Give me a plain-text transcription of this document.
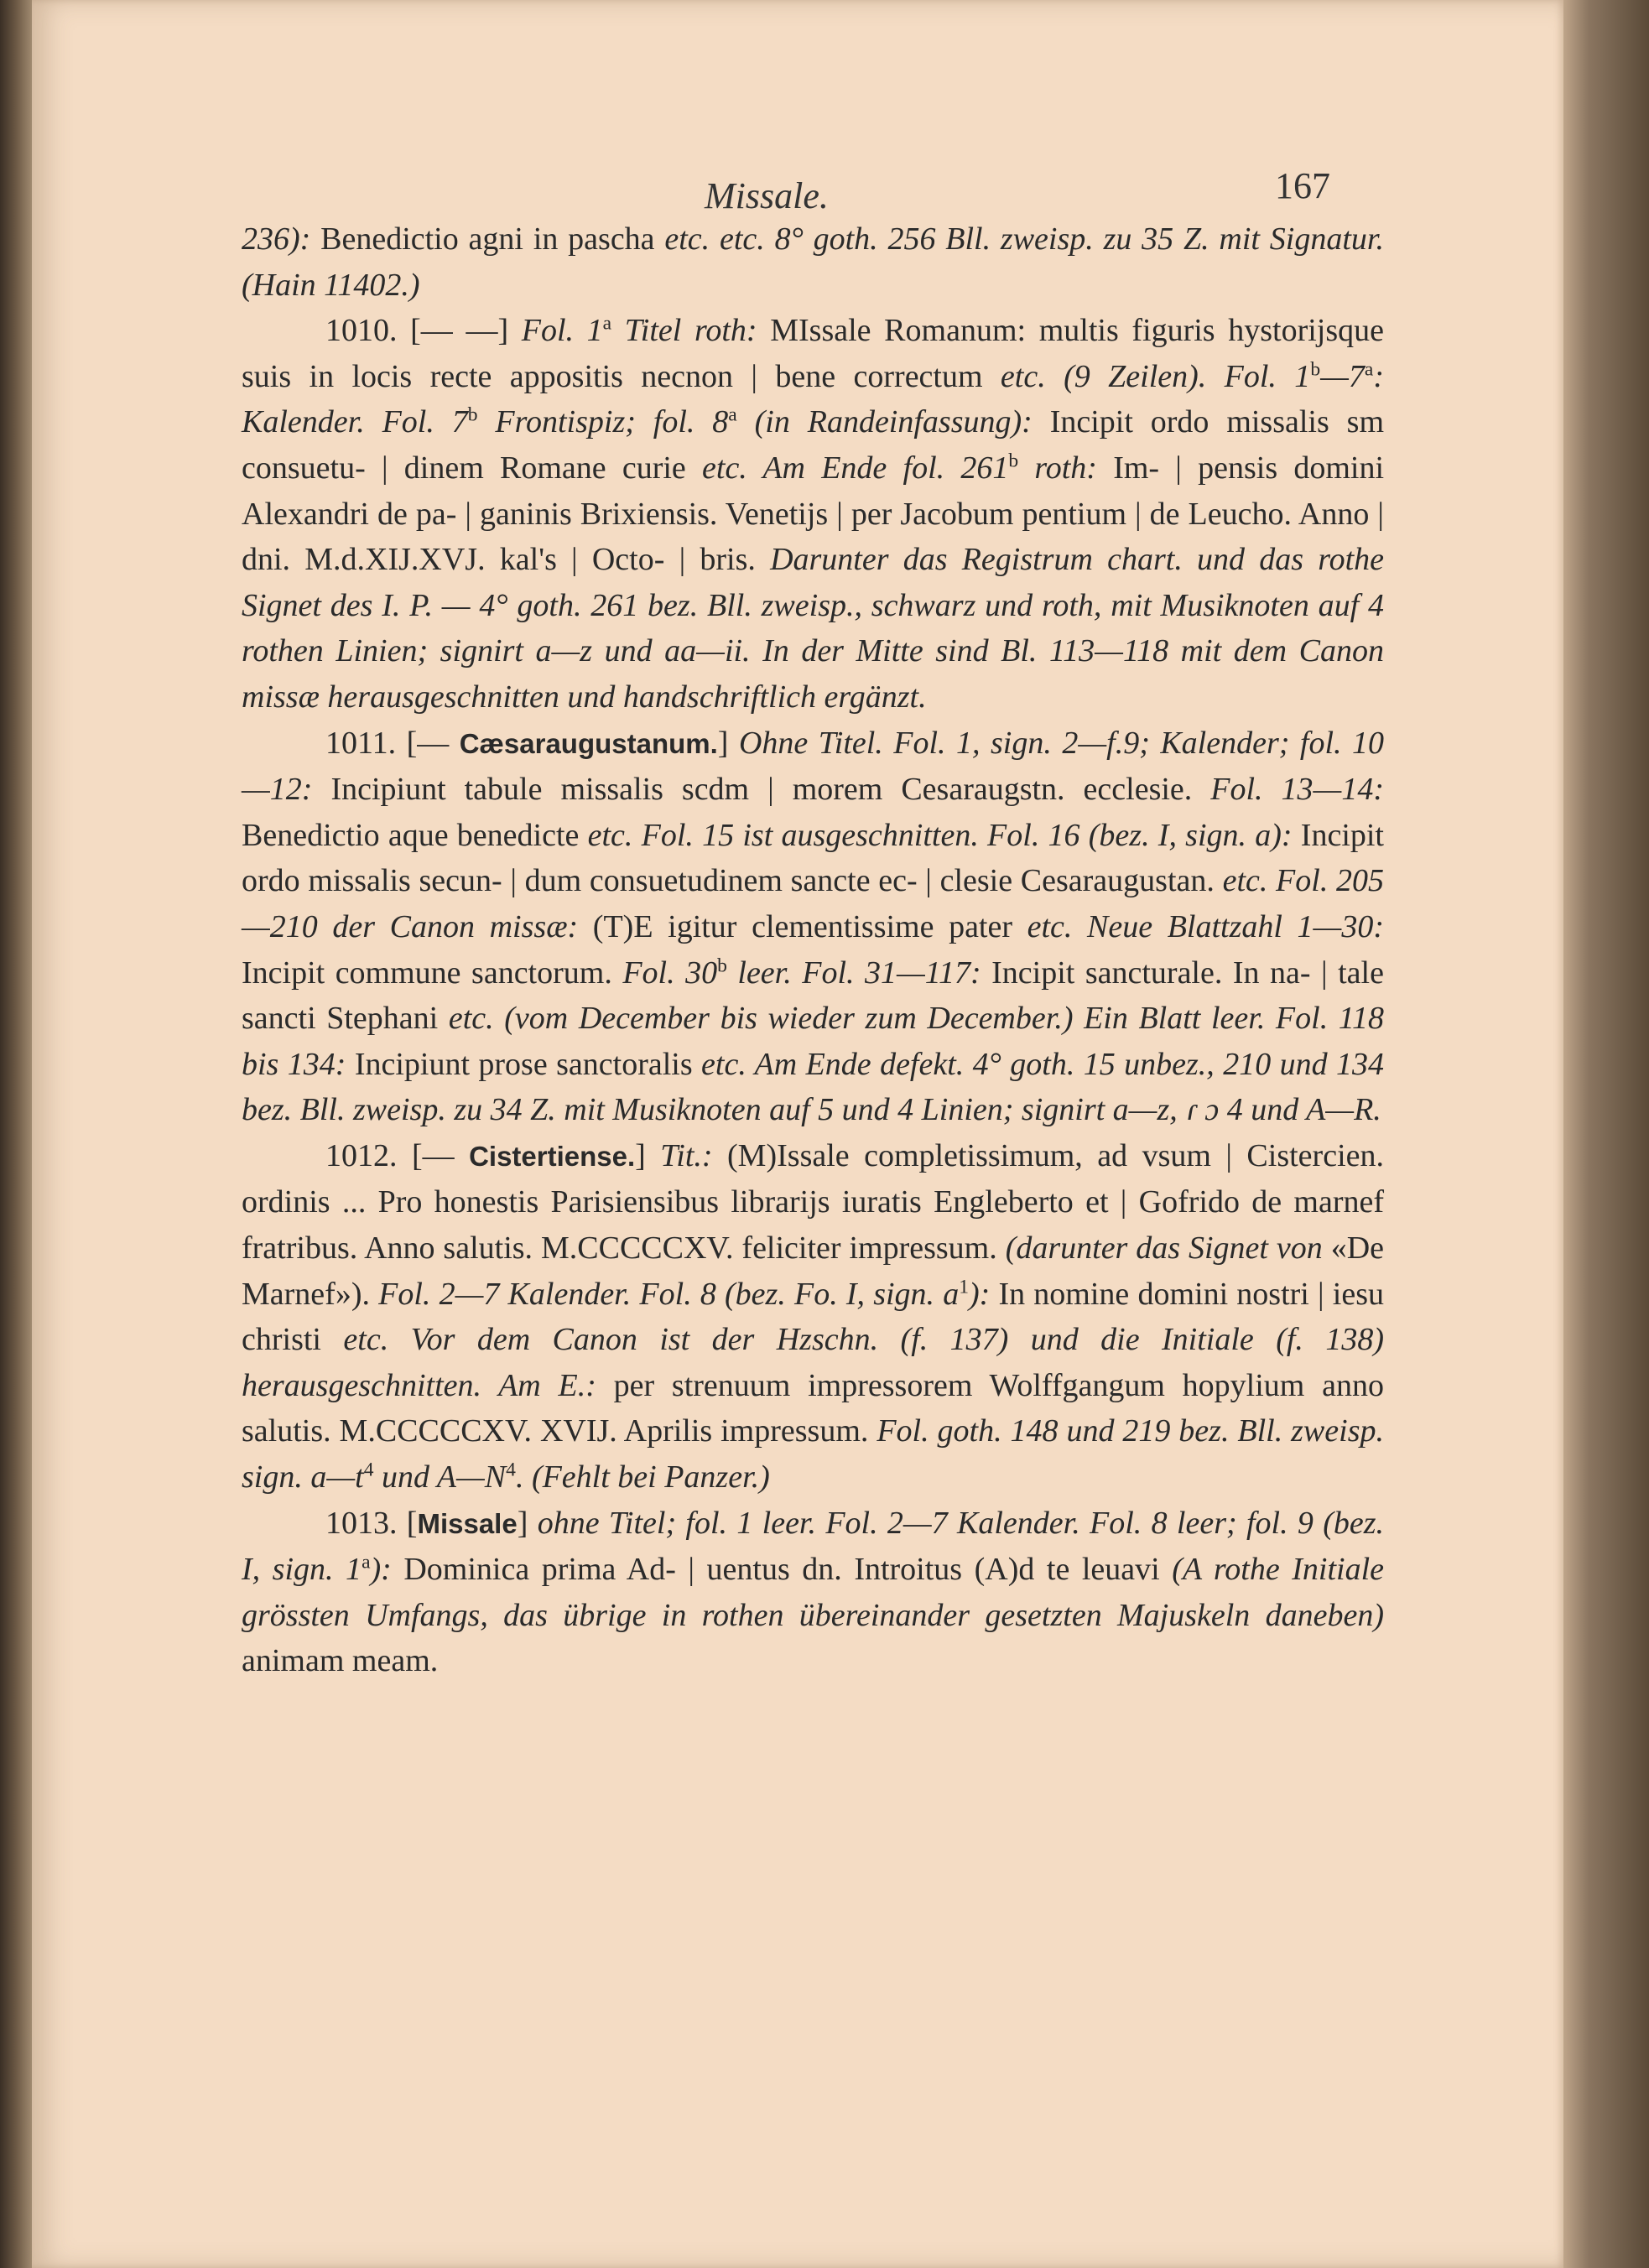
Missale.	167

236): Benedictio agni in pascha etc. etc. 8° goth. 256 Bll. zweisp. zu 35 Z. mit Signatur. (Hain 11402.)

1010. [— —] Fol. 1$^a$ Titel roth: MIssale Romanum: multis figuris hystorijsque suis in locis recte appositis necnon | bene correctum etc. (9 Zeilen). Fol. 1$^b$—7$^a$: Kalender. Fol. 7$^b$ Frontispiz; fol. 8$^a$ (in Randeinfassung): Incipit ordo missalis sm consuetu- | dinem Romane curie etc. Am Ende fol. 261$^b$ roth: Im- | pensis domini Alexandri de pa- | ganinis Brixiensis. Venetijs | per Jacobum pentium | de Leucho. Anno | dni. M.d.XIJ.XVJ. kal's | Octo- | bris. Darunter das Registrum chart. und das rothe Signet des I. P. — 4° goth. 261 bez. Bll. zweisp., schwarz und roth, mit Musiknoten auf 4 rothen Linien; signirt a—z und aa—ii. In der Mitte sind Bl. 113—118 mit dem Canon missæ herausgeschnitten und handschriftlich ergänzt.

1011. [— Cæsaraugustanum.] Ohne Titel. Fol. 1, sign. 2—f.9; Kalender; fol. 10—12: Incipiunt tabule missalis scdm | morem Cesaraugstn. ecclesie. Fol. 13—14: Benedictio aque benedicte etc. Fol. 15 ist ausgeschnitten. Fol. 16 (bez. I, sign. a): Incipit ordo missalis secun- | dum consuetudinem sancte ec- | clesie Cesaraugustan. etc. Fol. 205—210 der Canon missæ: (T)E igitur clementissime pater etc. Neue Blattzahl 1—30: Incipit commune sanctorum. Fol. 30$^b$ leer. Fol. 31—117: Incipit sancturale. In na- | tale sancti Stephani etc. (vom December bis wieder zum December.) Ein Blatt leer. Fol. 118 bis 134: Incipiunt prose sanctoralis etc. Am Ende defekt. 4° goth. 15 unbez., 210 und 134 bez. Bll. zweisp. zu 34 Z. mit Musiknoten auf 5 und 4 Linien; signirt a—z, ɾ ɔ 4 und A—R.

1012. [— Cistertiense.] Tit.: (M)Issale completissimum, ad vsum | Cistercien. ordinis ... Pro honestis Parisiensibus librarijs iuratis Engleberto et | Gofrido de marnef fratribus. Anno salutis. M.CCCCCXV. feliciter impressum. (darunter das Signet von «De Marnef»). Fol. 2—7 Kalender. Fol. 8 (bez. Fo. I, sign. $a^1$): In nomine domini nostri | iesu christi etc. Vor dem Canon ist der Hzschn. (f. 137) und die Initiale (f. 138) herausgeschnitten. Am E.: per strenuum impressorem Wolffgangum hopylium anno salutis. M.CCCCCXV. XVIJ. Aprilis impressum. Fol. goth. 148 und 219 bez. Bll. zweisp. sign. $a—t^4$ und $A—N^4$. (Fehlt bei Panzer.)

1013. [Missale] ohne Titel; fol. 1 leer. Fol. 2—7 Kalender. Fol. 8 leer; fol. 9 (bez. I, sign. 1$^a$): Dominica prima Ad- | uentus dn. Introitus (A)d te leuavi (A rothe Initiale grössten Umfangs, das übrige in rothen übereinander gesetzten Majuskeln daneben) animam meam.
